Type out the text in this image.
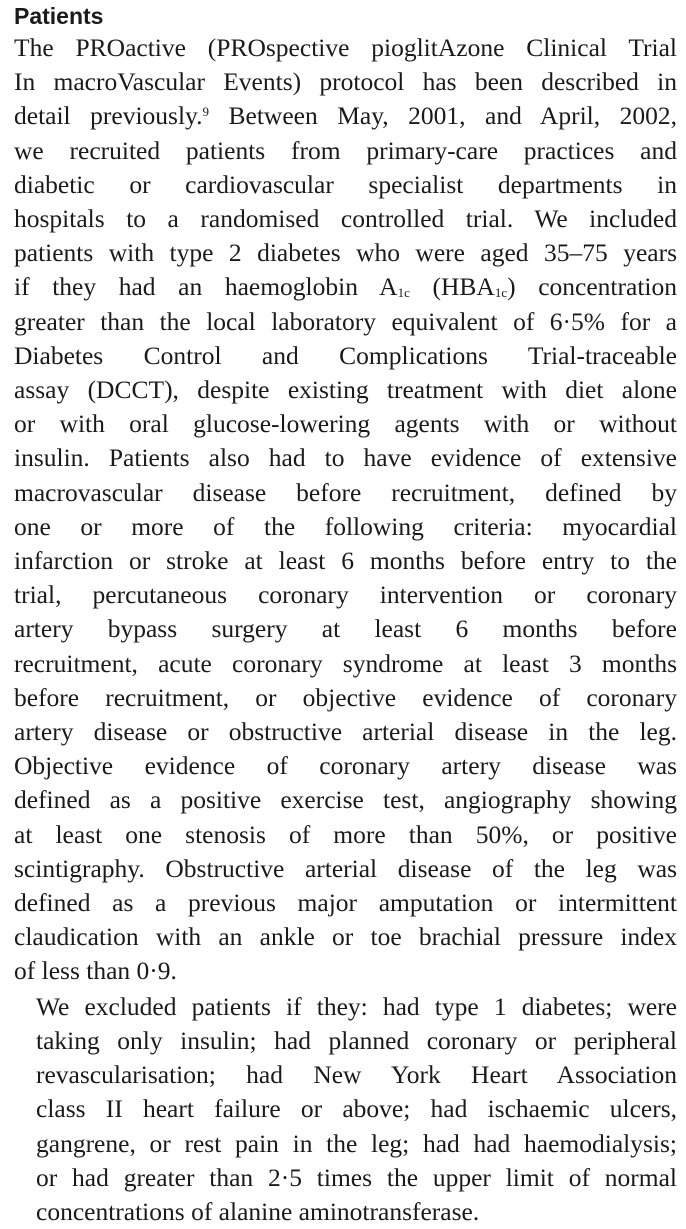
Patients

The PROactive (PROspective pioglitAzone Clinical Trial
In macroVascular Events) protocol has been described in
detail previously.$^9$ Between May, 2001, and April, 2002,
we recruited patients from primary-care practices and
diabetic or cardiovascular specialist departments in
hospitals to a randomised controlled trial. We included
patients with type 2 diabetes who were aged 35–75 years
if they had an haemoglobin $A_{1c}$ $(HBA_{1c})$ concentration
greater than the local laboratory equivalent of 6·5% for a
Diabetes Control and Complications Trial-traceable
assay (DCCT), despite existing treatment with diet alone
or with oral glucose-lowering agents with or without
insulin. Patients also had to have evidence of extensive
macrovascular disease before recruitment, defined by
one or more of the following criteria: myocardial
infarction or stroke at least 6 months before entry to the
trial, percutaneous coronary intervention or coronary
artery bypass surgery at least 6 months before
recruitment, acute coronary syndrome at least 3 months
before recruitment, or objective evidence of coronary
artery disease or obstructive arterial disease in the leg.
Objective evidence of coronary artery disease was
defined as a positive exercise test, angiography showing
at least one stenosis of more than 50%, or positive
scintigraphy. Obstructive arterial disease of the leg was
defined as a previous major amputation or intermittent
claudication with an ankle or toe brachial pressure index
of less than 0·9.

We excluded patients if they: had type 1 diabetes; were
taking only insulin; had planned coronary or peripheral
revascularisation; had New York Heart Association
class II heart failure or above; had ischaemic ulcers,
gangrene, or rest pain in the leg; had had haemodialysis;
or had greater than 2·5 times the upper limit of normal
concentrations of alanine aminotransferase.
